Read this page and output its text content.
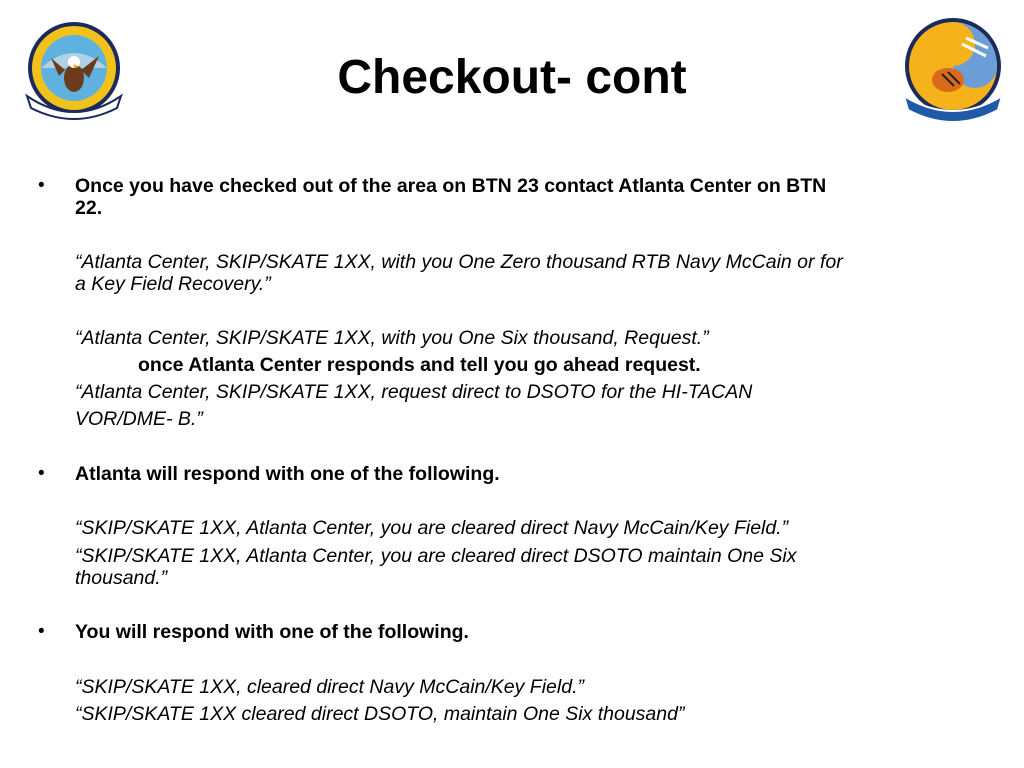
Checkout- cont
• Once you have checked out of the area on BTN 23 contact Atlanta Center on BTN
22.
“Atlanta Center, SKIP/SKATE 1XX, with you One Zero thousand RTB Navy McCain or for
a Key Field Recovery.”
“Atlanta Center, SKIP/SKATE 1XX, with you One Six thousand, Request.”
once Atlanta Center responds and tell you go ahead request.
“Atlanta Center, SKIP/SKATE 1XX, request direct to DSOTO for the HI-TACAN
VOR/DME- B.”
• Atlanta will respond with one of the following.
“SKIP/SKATE 1XX, Atlanta Center, you are cleared direct Navy McCain/Key Field.”
“SKIP/SKATE 1XX, Atlanta Center, you are cleared direct DSOTO maintain One Six
thousand.”
• You will respond with one of the following.
“SKIP/SKATE 1XX, cleared direct Navy McCain/Key Field.”
“SKIP/SKATE 1XX cleared direct DSOTO, maintain One Six thousand”
